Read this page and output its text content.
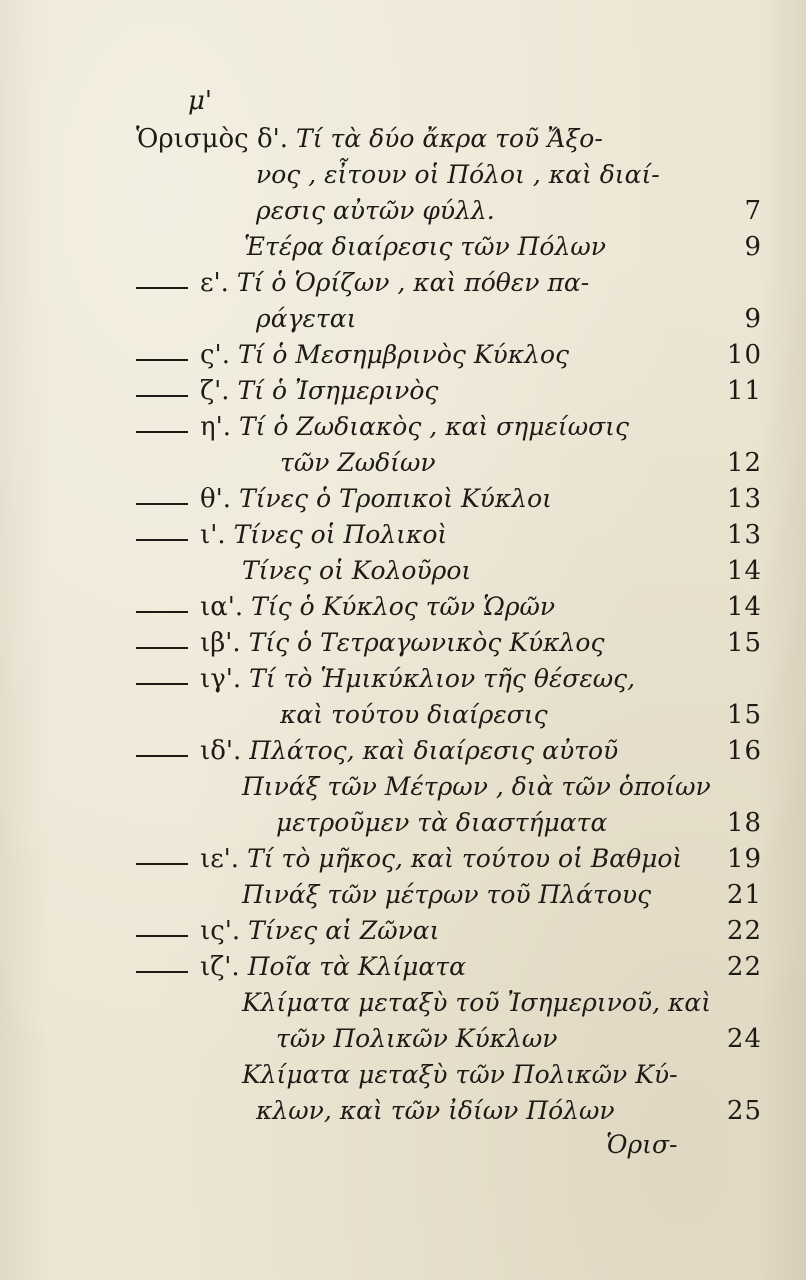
μ'
Ὁρισμὸς δ'. Τί τὰ δύο ἄκρα τοῦ Ἄξο-
νος , εἶτουν οἱ Πόλοι , καὶ διαί-
ρεσις αὐτῶν φύλλ.	7
Ἑτέρα διαίρεσις τῶν Πόλων	9
ε'. Τί ὁ Ὁρίζων , καὶ πόθεν πα-
ράγεται	9
ς'. Τί ὁ Μεσημβρινὸς Κύκλος	10
ζ'. Τί ὁ Ἰσημερινὸς	11
η'. Τί ὁ Ζωδιακὸς , καὶ σημείωσις
τῶν Ζωδίων	12
θ'. Τίνες ὁ Τροπικοὶ Κύκλοι	13
ι'. Τίνες οἱ Πολικοὶ	13
Τίνες οἱ Κολοῦροι	14
ια'. Τίς ὁ Κύκλος τῶν Ὡρῶν	14
ιβ'. Τίς ὁ Τετραγωνικὸς Κύκλος	15
ιγ'. Τί τὸ Ἡμικύκλιον τῆς θέσεως,
καὶ τούτου διαίρεσις	15
ιδ'. Πλάτος, καὶ διαίρεσις αὐτοῦ	16
Πινάξ τῶν Μέτρων , διὰ τῶν ὁποίων
μετροῦμεν τὰ διαστήματα	18
ιε'. Τί τὸ μῆκος, καὶ τούτου οἱ Βαθμοὶ	19
Πινάξ τῶν μέτρων τοῦ Πλάτους	21
ις'. Τίνες αἱ Ζῶναι	22
ιζ'. Ποῖα τὰ Κλίματα	22
Κλίματα μεταξὺ τοῦ Ἰσημερινοῦ, καὶ
τῶν Πολικῶν Κύκλων	24
Κλίματα μεταξὺ τῶν Πολικῶν Κύ-
κλων, καὶ τῶν ἰδίων Πόλων	25
Ὁρισ-
